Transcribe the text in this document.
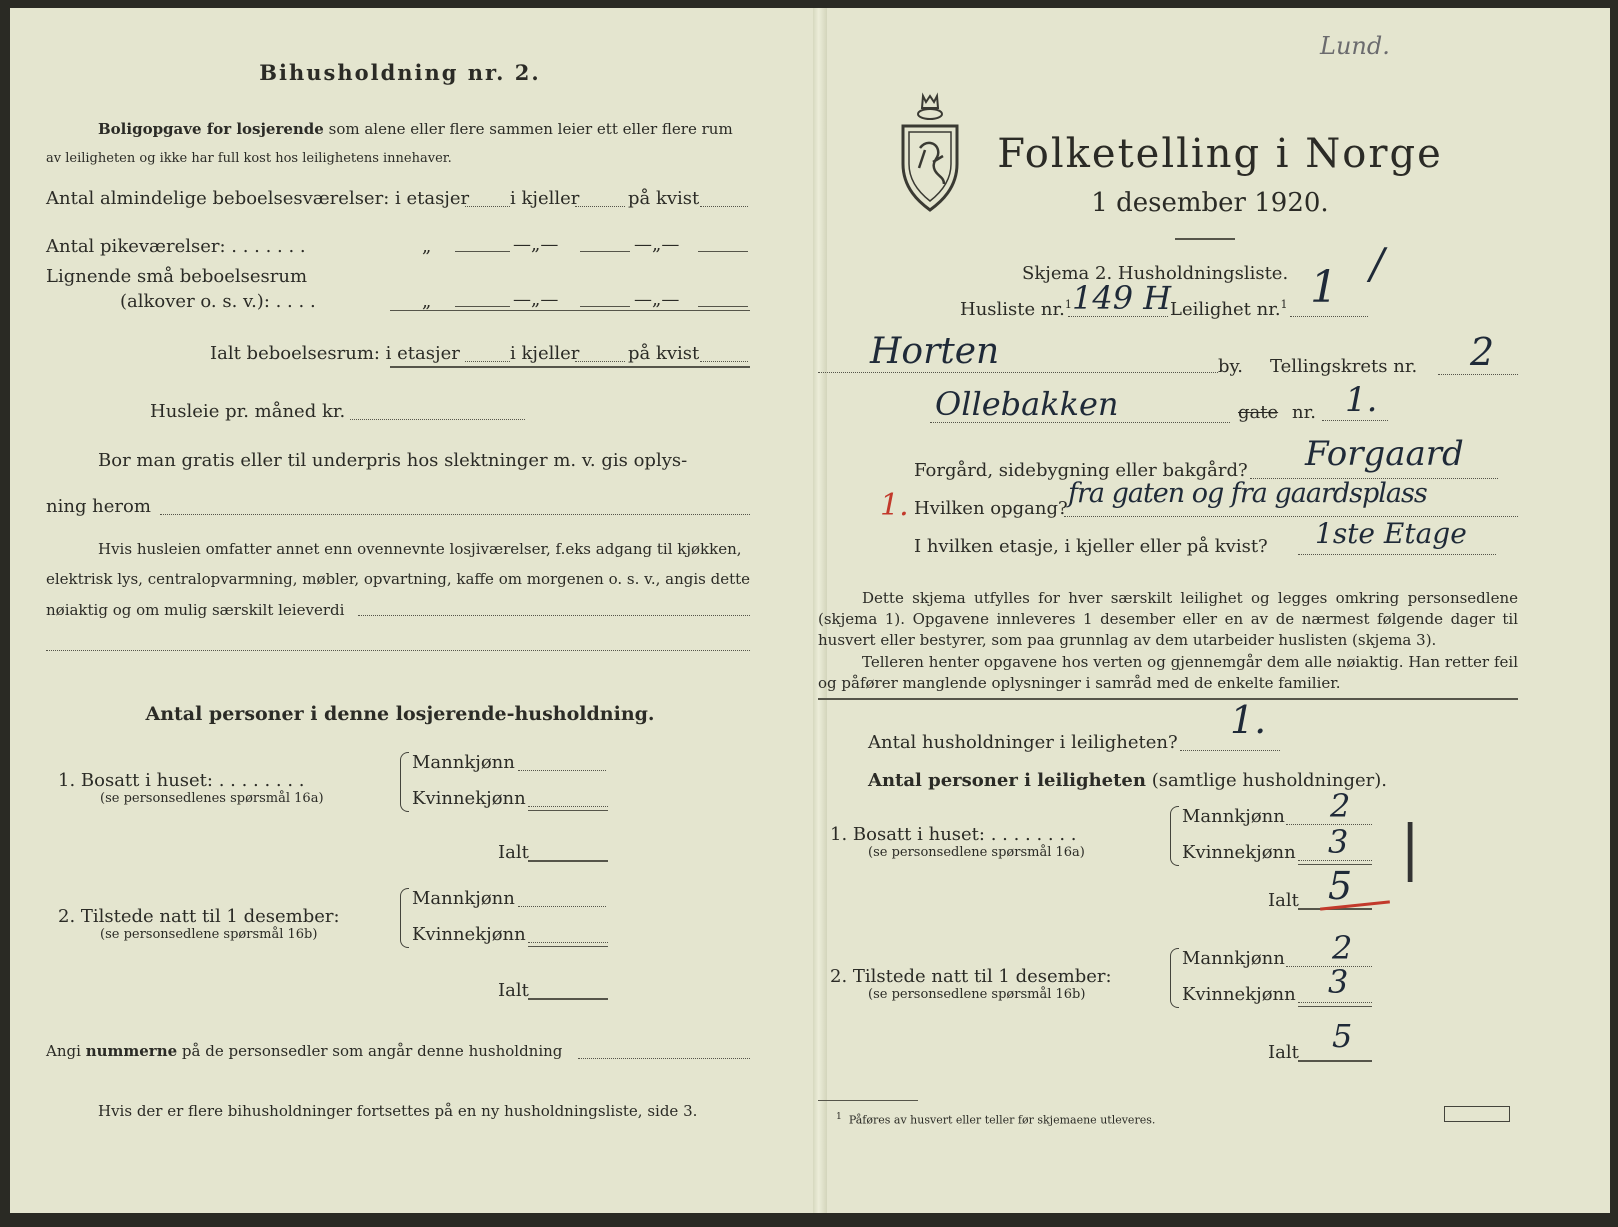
Bihusholdning nr. 2.
Boligopgave for losjerende som alene eller flere sammen leier ett eller flere rum
av leiligheten og ikke har full kost hos leilighetens innehaver.
Antal almindelige beboelsesværelser: i etasjer i kjeller	på kvist
Antal pikeværelser: . . . . . . .	„	—„—	—„—
Lignende små beboelsesrum
(alkover o. s. v.): . . . .	„	—„—	—„—
Ialt beboelsesrum: i etasjer	i kjeller	på kvist
Husleie pr. måned kr.
Bor man gratis eller til underpris hos slektninger m. v. gis oplys-
ning herom
Hvis husleien omfatter annet enn ovennevnte losjiværelser, f.eks adgang til kjøkken,
elektrisk lys, centralopvarmning, møbler, opvartning, kaffe om morgenen o. s. v., angis dette
nøiaktig og om mulig særskilt leieverdi
Antal personer i denne losjerende-husholdning.
1. Bosatt i huset: . . . . . . . .
(se personsedlenes spørsmål 16a)
Mannkjønn
Kvinnekjønn
Ialt
2. Tilstede natt til 1 desember:
(se personsedlene spørsmål 16b)
Mannkjønn
Kvinnekjønn
Ialt
Angi nummerne på de personsedler som angår denne husholdning
Hvis der er flere bihusholdninger fortsettes på en ny husholdningsliste, side 3.
Lund.
Folketelling i Norge
1 desember 1920.
Skjema 2. Husholdningsliste. /
Husliste nr.$^1$ 149 H
Leilighet nr.$^1$ 1
Horten	by. Tellingskrets nr. 2
Ollebakken	gate nr. 1.
Forgård, sidebygning eller bakgård? Forgaard
1. Hvilken opgang? fra gaten og fra gaardsplass
I hvilken etasje, i kjeller eller på kvist? 1ste Etage
Dette skjema utfylles for hver særskilt leilighet og legges omkring personsedlene (skjema 1). Opgavene innleveres 1 desember eller en av de nærmest følgende dager til husvert eller bestyrer, som paa grunnlag av dem utarbeider huslisten (skjema 3).
Telleren henter opgavene hos verten og gjennemgår dem alle nøiaktig. Han retter feil og påfører manglende oplysninger i samråd med de enkelte familier.
Antal husholdninger i leiligheten?
1.
Antal personer i leiligheten (samtlige husholdninger).
1. Bosatt i huset: . . . . . . . .
(se personsedlene spørsmål 16a)
Mannkjønn 2
Kvinnekjønn 3
Ialt 5
|
2. Tilstede natt til 1 desember:
(se personsedlene spørsmål 16b)
Mannkjønn 2
Kvinnekjønn 3
Ialt 5
$^1$ Påføres av husvert eller teller før skjemaene utleveres.
